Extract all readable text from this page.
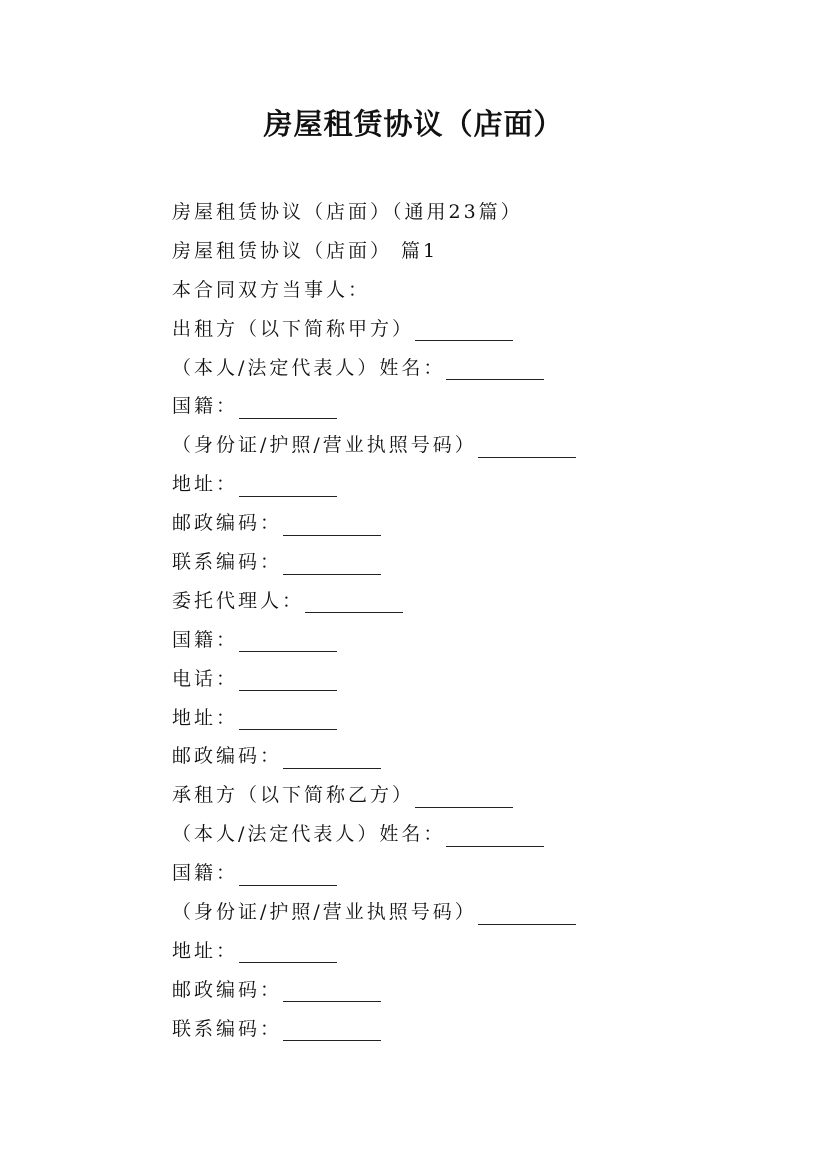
房屋租赁协议（店面）
房屋租赁协议（店面）（通用23篇）
房屋租赁协议（店面） 篇1
本合同双方当事人：
出租方（以下简称甲方）
（本人/法定代表人）姓名：
国籍：
（身份证/护照/营业执照号码）
地址：
邮政编码：
联系编码：
委托代理人：
国籍：
电话：
地址：
邮政编码：
承租方（以下简称乙方）
（本人/法定代表人）姓名：
国籍：
（身份证/护照/营业执照号码）
地址：
邮政编码：
联系编码：
